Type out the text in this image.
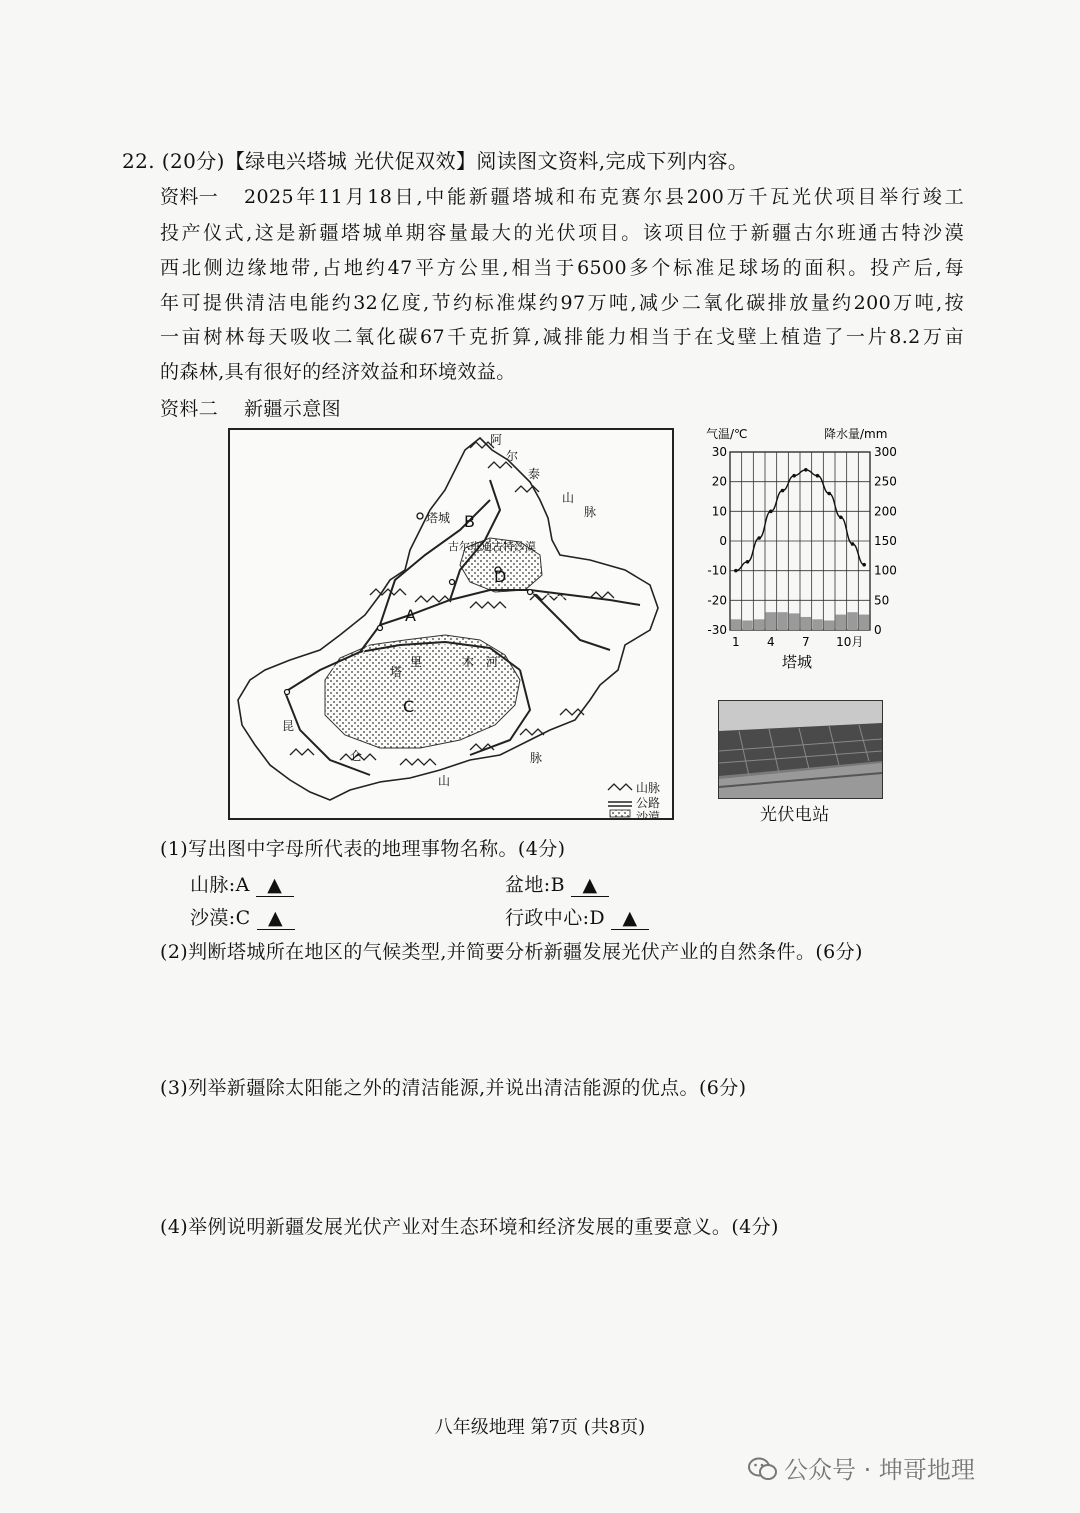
22. (20分)【绿电兴塔城 光伏促双效】阅读图文资料,完成下列内容。
资料一 2025年11月18日,中能新疆塔城和布克赛尔县200万千瓦光伏项目举行竣工
投产仪式,这是新疆塔城单期容量最大的光伏项目。该项目位于新疆古尔班通古特沙漠
西北侧边缘地带,占地约47平方公里,相当于6500多个标准足球场的面积。投产后,每
年可提供清洁电能约32亿度,节约标准煤约97万吨,减少二氧化碳排放量约200万吨,按
一亩树林每天吸收二氧化碳67千克折算,减排能力相当于在戈壁上植造了一片8.2万亩
的森林,具有很好的经济效益和环境效益。
资料二 新疆示意图
B
D
A
C
塔城
古尔班通古特沙漠
阿
尔
泰
山
脉
昆
仑
山
脉
塔
里	木 河
山脉
公路
沙漠
气温/℃	降水量/mm
30
20
10
0
-10
-20
-30
300
250
200
150
100
50
0
1 4 7 10月
塔城
光伏电站
(1)写出图中字母所代表的地理事物名称。(4分)
山脉:A ▲	盆地:B ▲
沙漠:C ▲	行政中心:D ▲
(2)判断塔城所在地区的气候类型,并简要分析新疆发展光伏产业的自然条件。(6分)
(3)列举新疆除太阳能之外的清洁能源,并说出清洁能源的优点。(6分)
(4)举例说明新疆发展光伏产业对生态环境和经济发展的重要意义。(4分)
八年级地理 第7页 (共8页)
公众号 · 坤哥地理
